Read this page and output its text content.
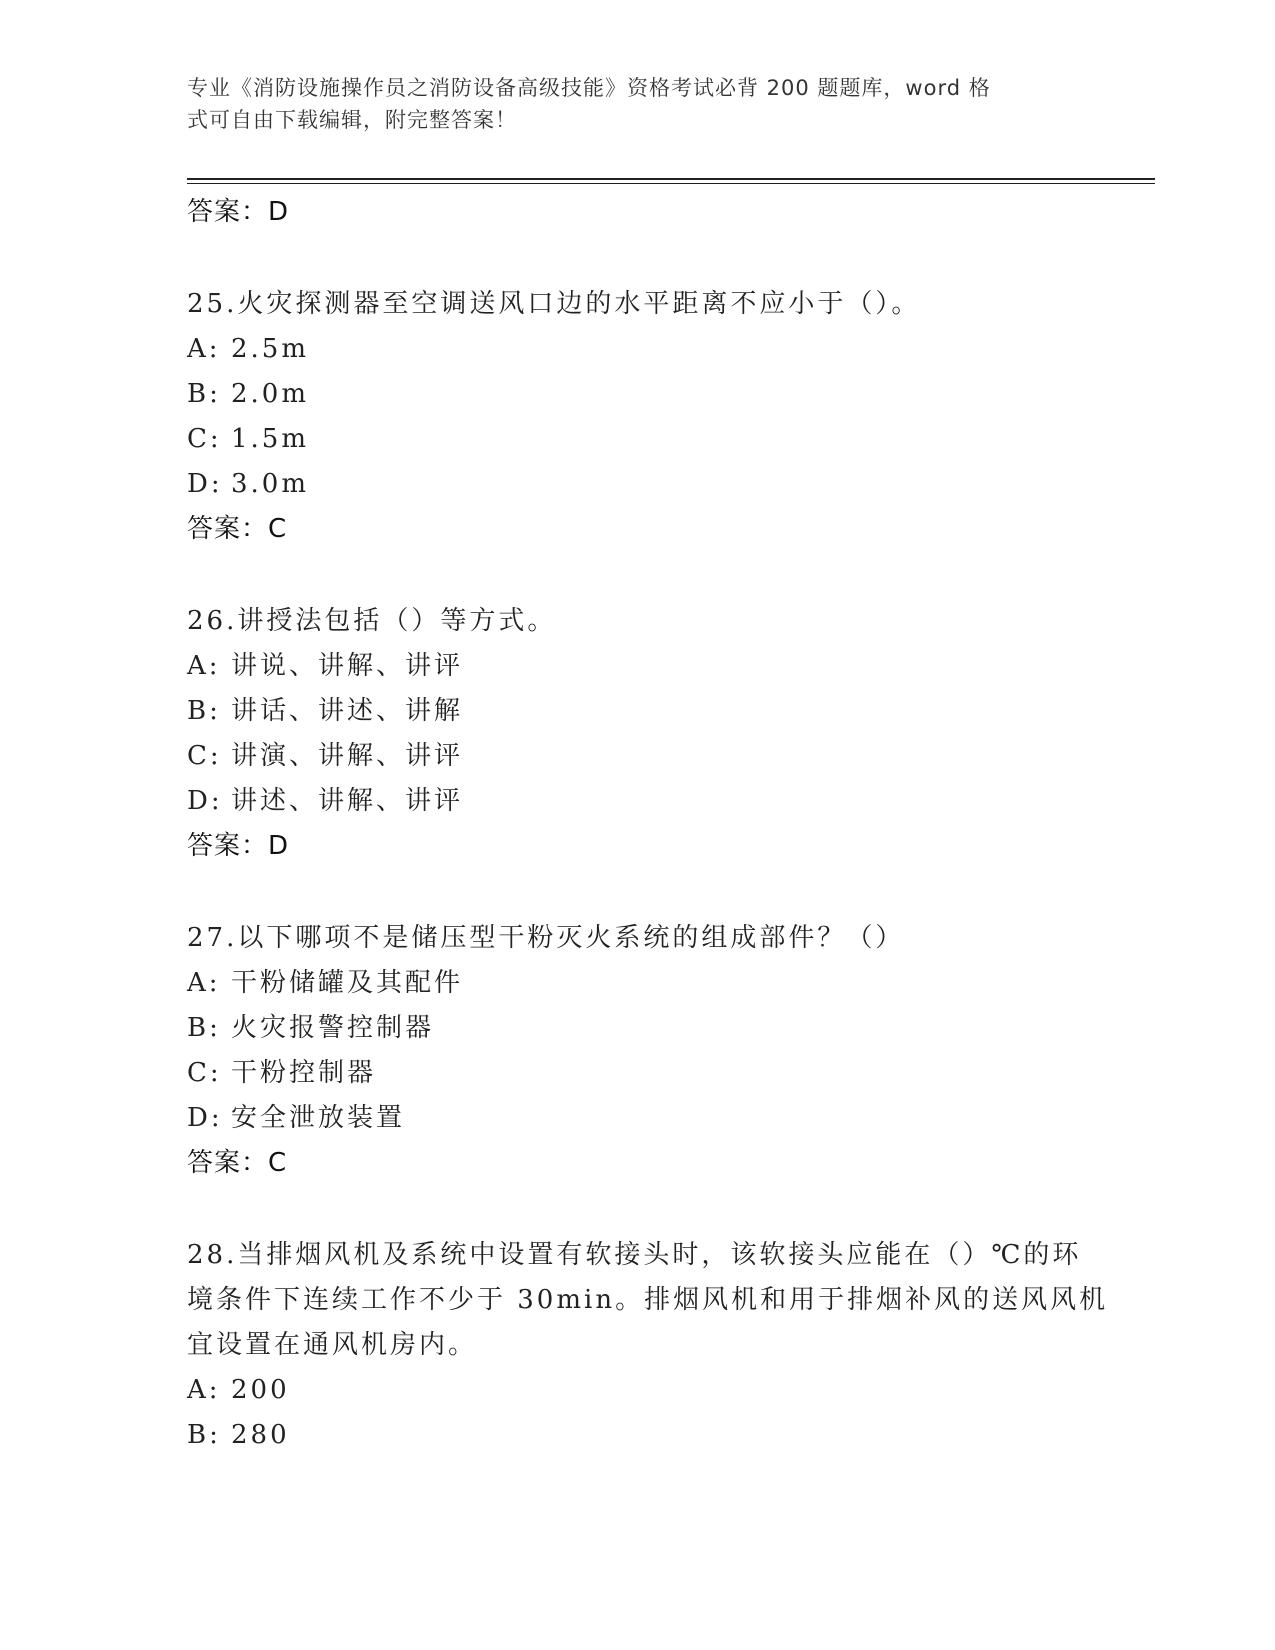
专业《消防设施操作员之消防设备高级技能》资格考试必背 200 题题库，word 格
式可自由下载编辑，附完整答案！
答案：D
25.火灾探测器至空调送风口边的水平距离不应小于（）。
A: 2.5m
B: 2.0m
C: 1.5m
D: 3.0m
答案：C
26.讲授法包括（）等方式。
A: 讲说、讲解、讲评
B: 讲话、讲述、讲解
C: 讲演、讲解、讲评
D: 讲述、讲解、讲评
答案：D
27.以下哪项不是储压型干粉灭火系统的组成部件？（）
A: 干粉储罐及其配件
B: 火灾报警控制器
C: 干粉控制器
D: 安全泄放装置
答案：C
28.当排烟风机及系统中设置有软接头时，该软接头应能在（）℃的环
境条件下连续工作不少于 30min。排烟风机和用于排烟补风的送风风机
宜设置在通风机房内。
A: 200
B: 280
